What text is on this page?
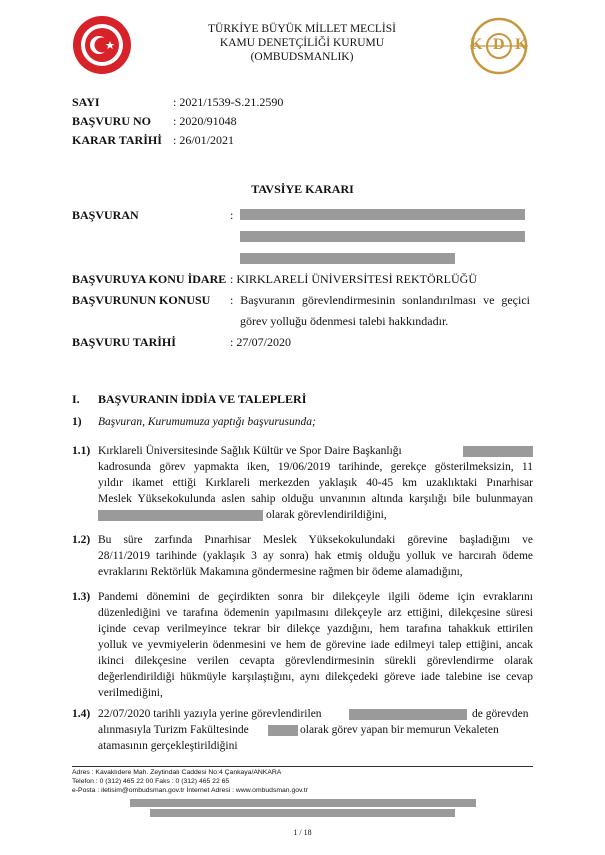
TÜRKİYE BÜYÜK MİLLET MECLİSİ
KAMU DENETÇİLİĞİ KURUMU
(OMBUDSMANLIK)
K D K
SAYI	: 2021/1539-S.21.2590
BAŞVURU NO : 2020/91048
KARAR TARİHİ : 26/01/2021
TAVSİYE KARARI
BAŞVURAN	:
BAŞVURUYA KONU İDARE : KIRKLARELİ ÜNİVERSİTESİ REKTÖRLÜĞÜ
BAŞVURUNUN KONUSU : Başvuranın görevlendirmesinin sonlandırılması ve geçici
görev yolluğu ödenmesi talebi hakkındadır.
BAŞVURU TARİHİ	: 27/07/2020
I. BAŞVURANIN İDDİA VE TALEPLERİ
1) Başvuran, Kurumumuza yaptığı başvurusunda;
1.1) Kırklareli Üniversitesinde Sağlık Kültür ve Spor Daire Başkanlığı
kadrosunda görev yapmakta iken, 19/06/2019 tarihinde, gerekçe gösterilmeksizin, 11
yıldır ikamet ettiği Kırklareli merkezden yaklaşık 40-45 km uzaklıktaki Pınarhisar
Meslek Yüksekokulunda aslen sahip olduğu unvanının altında karşılığı bile bulunmayan
olarak görevlendirildiğini,
1.2) Bu süre zarfında Pınarhisar Meslek Yüksekokulundaki görevine başladığını ve
28/11/2019 tarihinde (yaklaşık 3 ay sonra) hak etmiş olduğu yolluk ve harcırah ödeme
evraklarını Rektörlük Makamına göndermesine rağmen bir ödeme alamadığını,
1.3) Pandemi dönemini de geçirdikten sonra bir dilekçeyle ilgili ödeme için evraklarını
düzenlediğini ve tarafına ödemenin yapılmasını dilekçeyle arz ettiğini, dilekçesine süresi
içinde cevap verilmeyince tekrar bir dilekçe yazdığını, hem tarafına tahakkuk ettirilen
yolluk ve yevmiyelerin ödenmesini ve hem de görevine iade edilmeyi talep ettiğini, ancak
ikinci dilekçesine verilen cevapta görevlendirmesinin sürekli görevlendirme olarak
değerlendirildiği hükmüyle karşılaştığını, aynı dilekçedeki göreve iade talebine ise cevap
verilmediğini,
1.4) 22/07/2020 tarihli yazıyla yerine görevlendirilen	de görevden
alınmasıyla Turizm Fakültesinde	olarak görev yapan bir memurun Vekaleten
atamasının gerçekleştirildiğini
Adres : Kavaklıdere Mah. Zeytindalı Caddesi No:4 Çankaya/ANKARA
Telefon : 0 (312) 465 22 00 Faks : 0 (312) 465 22 65
e-Posta : iletisim@ombudsman.gov.tr İnternet Adresi : www.ombudsman.gov.tr
1 / 18
